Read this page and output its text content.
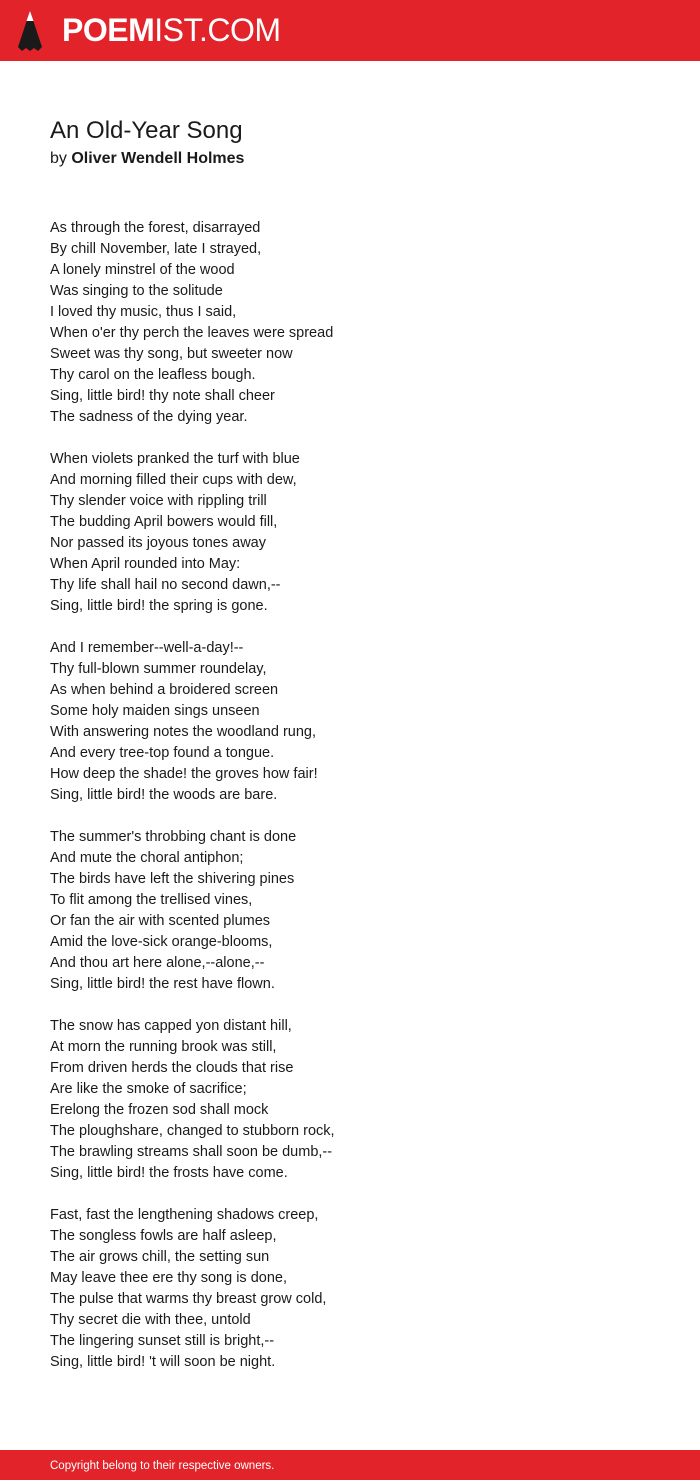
POEMIST.COM
An Old-Year Song
by Oliver Wendell Holmes
As through the forest, disarrayed
By chill November, late I strayed,
A lonely minstrel of the wood
Was singing to the solitude
I loved thy music, thus I said,
When o'er thy perch the leaves were spread
Sweet was thy song, but sweeter now
Thy carol on the leafless bough.
Sing, little bird! thy note shall cheer
The sadness of the dying year.
When violets pranked the turf with blue
And morning filled their cups with dew,
Thy slender voice with rippling trill
The budding April bowers would fill,
Nor passed its joyous tones away
When April rounded into May:
Thy life shall hail no second dawn,--
Sing, little bird! the spring is gone.
And I remember--well-a-day!--
Thy full-blown summer roundelay,
As when behind a broidered screen
Some holy maiden sings unseen
With answering notes the woodland rung,
And every tree-top found a tongue.
How deep the shade! the groves how fair!
Sing, little bird! the woods are bare.
The summer's throbbing chant is done
And mute the choral antiphon;
The birds have left the shivering pines
To flit among the trellised vines,
Or fan the air with scented plumes
Amid the love-sick orange-blooms,
And thou art here alone,--alone,--
Sing, little bird! the rest have flown.
The snow has capped yon distant hill,
At morn the running brook was still,
From driven herds the clouds that rise
Are like the smoke of sacrifice;
Erelong the frozen sod shall mock
The ploughshare, changed to stubborn rock,
The brawling streams shall soon be dumb,--
Sing, little bird! the frosts have come.
Fast, fast the lengthening shadows creep,
The songless fowls are half asleep,
The air grows chill, the setting sun
May leave thee ere thy song is done,
The pulse that warms thy breast grow cold,
Thy secret die with thee, untold
The lingering sunset still is bright,--
Sing, little bird! 't will soon be night.
Copyright belong to their respective owners.
